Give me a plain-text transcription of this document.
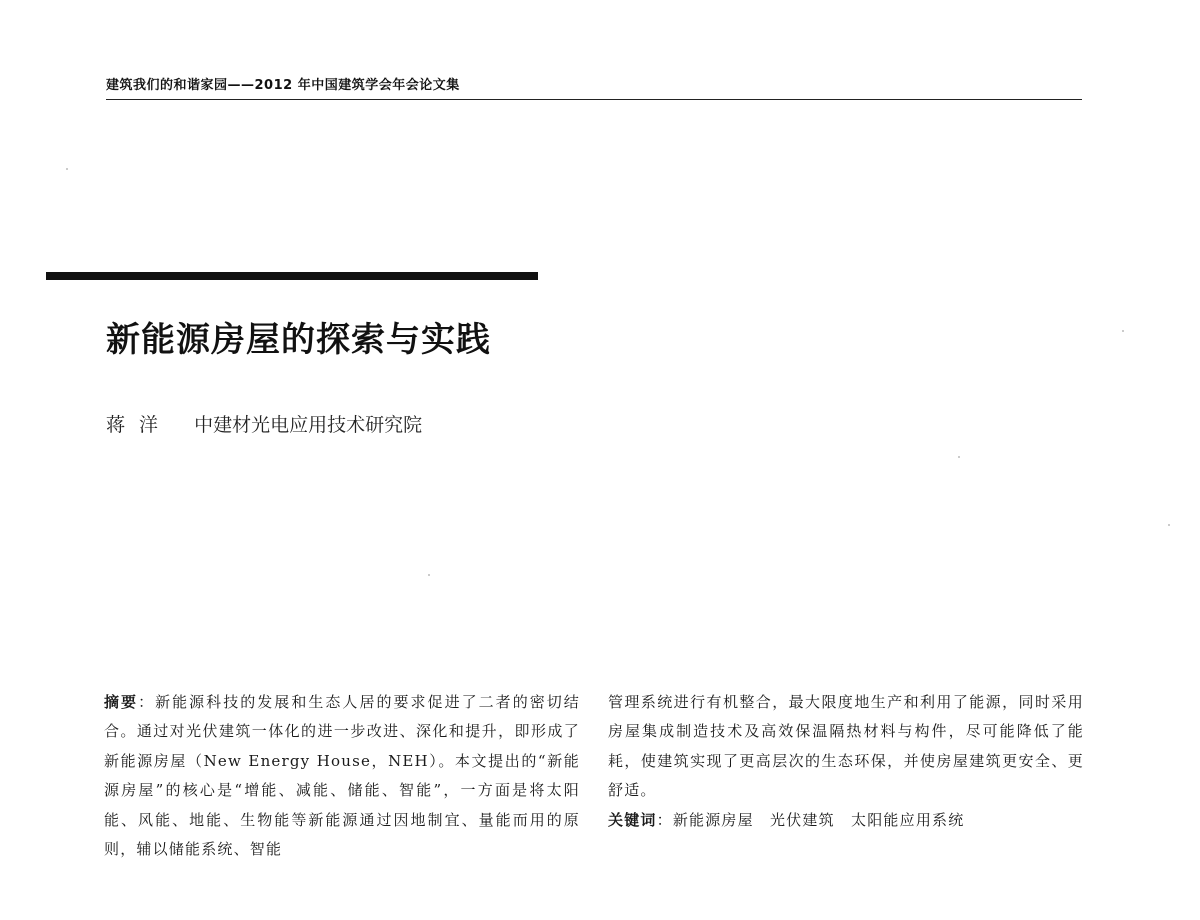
建筑我们的和谐家园——2012 年中国建筑学会年会论文集
新能源房屋的探索与实践
蒋洋 中建材光电应用技术研究院

摘要：新能源科技的发展和生态人居的要求促进了二者的密切结合。通过对光伏建筑一体化的进一步改进、深化和提升，即形成了新能源房屋（New Energy House，NEH）。本文提出的“新能源房屋”的核心是“增能、减能、储能、智能”，一方面是将太阳能、风能、地能、生物能等新能源通过因地制宜、量能而用的原则，辅以储能系统、智能

管理系统进行有机整合，最大限度地生产和利用了能源，同时采用房屋集成制造技术及高效保温隔热材料与构件，尽可能降低了能耗，使建筑实现了更高层次的生态环保，并使房屋建筑更安全、更舒适。

关键词：新能源房屋　光伏建筑　太阳能应用系统
